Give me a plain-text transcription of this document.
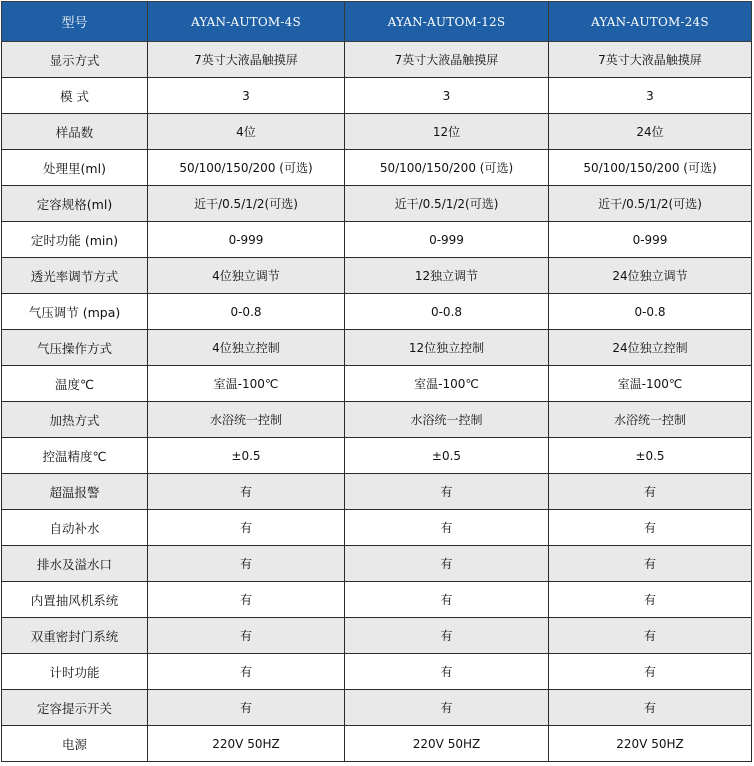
型号	AYAN-AUTOM-4S	AYAN-AUTOM-12S	AYAN-AUTOM-24S
显示方式	7英寸大液晶触摸屏	7英寸大液晶触摸屏	7英寸大液晶触摸屏
模 式	3	3	3
样品数	4位	12位	24位
处理里(ml)	50/100/150/200 (可选)	50/100/150/200 (可选)	50/100/150/200 (可选)
定容规格(ml)	近干/0.5/1/2(可选)	近干/0.5/1/2(可选)	近干/0.5/1/2(可选)
定时功能 (min)	0-999	0-999	0-999
透光率调节方式	4位独立调节	12独立调节	24位独立调节
气压调节 (mpa)	0-0.8	0-0.8	0-0.8
气压操作方式	4位独立控制	12位独立控制	24位独立控制
温度℃	室温-100℃	室温-100℃	室温-100℃
加热方式	水浴统一控制	水浴统一控制	水浴统一控制
控温精度℃	±0.5	±0.5	±0.5
超温报警	有	有	有
自动补水	有	有	有
排水及溢水口	有	有	有
内置抽风机系统	有	有	有
双重密封门系统	有	有	有
计时功能	有	有	有
定容提示开关	有	有	有
电源	220V 50HZ	220V 50HZ	220V 50HZ
